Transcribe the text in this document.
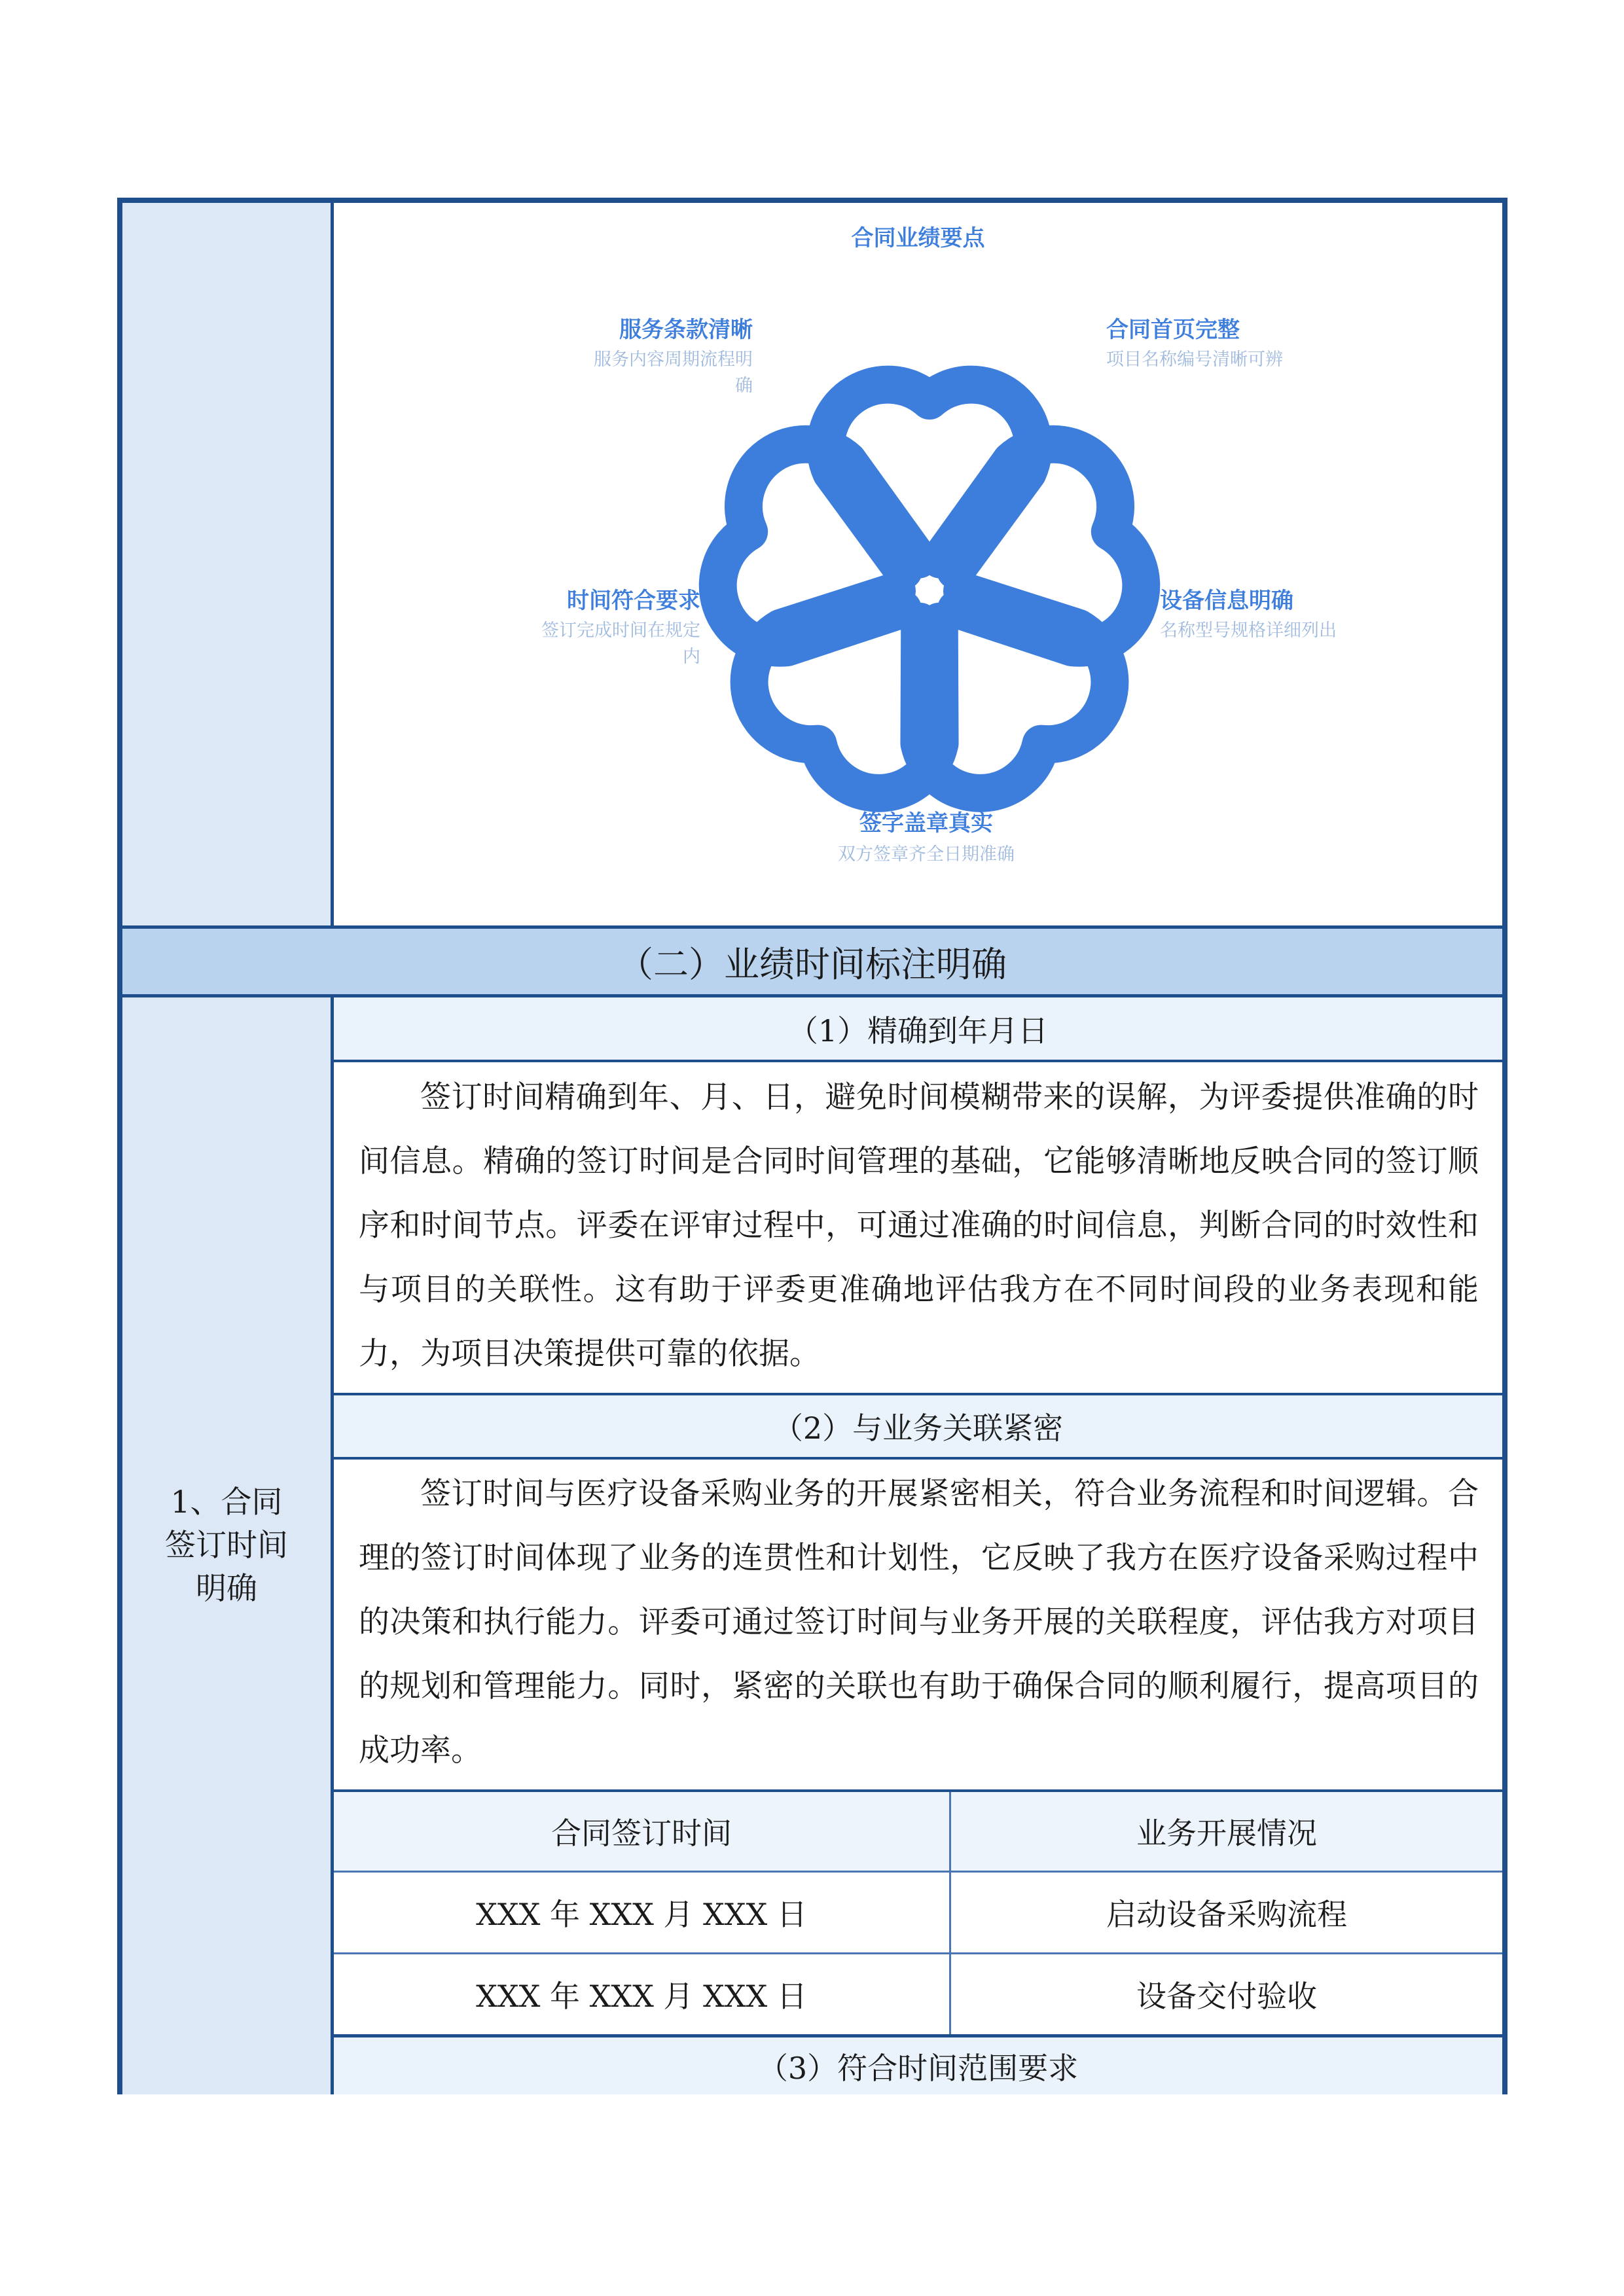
合同业绩要点
服务条款清晰
服务内容周期流程明确
合同首页完整
项目名称编号清晰可辨
时间符合要求
签订完成时间在规定内
设备信息明确
名称型号规格详细列出
签字盖章真实
双方签章齐全日期准确
（二）业绩时间标注明确
1、合同签订时间明确
（1）精确到年月日
签订时间精确到年、月、日，避免时间模糊带来的误解，为评委提供准确的时间信息。精确的签订时间是合同时间管理的基础，它能够清晰地反映合同的签订顺序和时间节点。评委在评审过程中，可通过准确的时间信息，判断合同的时效性和与项目的关联性。这有助于评委更准确地评估我方在不同时间段的业务表现和能力，为项目决策提供可靠的依据。
（2）与业务关联紧密
签订时间与医疗设备采购业务的开展紧密相关，符合业务流程和时间逻辑。合理的签订时间体现了业务的连贯性和计划性，它反映了我方在医疗设备采购过程中的决策和执行能力。评委可通过签订时间与业务开展的关联程度，评估我方对项目的规划和管理能力。同时，紧密的关联也有助于确保合同的顺利履行，提高项目的成功率。
合同签订时间	业务开展情况
XXX 年 XXX 月 XXX 日	启动设备采购流程
XXX 年 XXX 月 XXX 日	设备交付验收
（3）符合时间范围要求
